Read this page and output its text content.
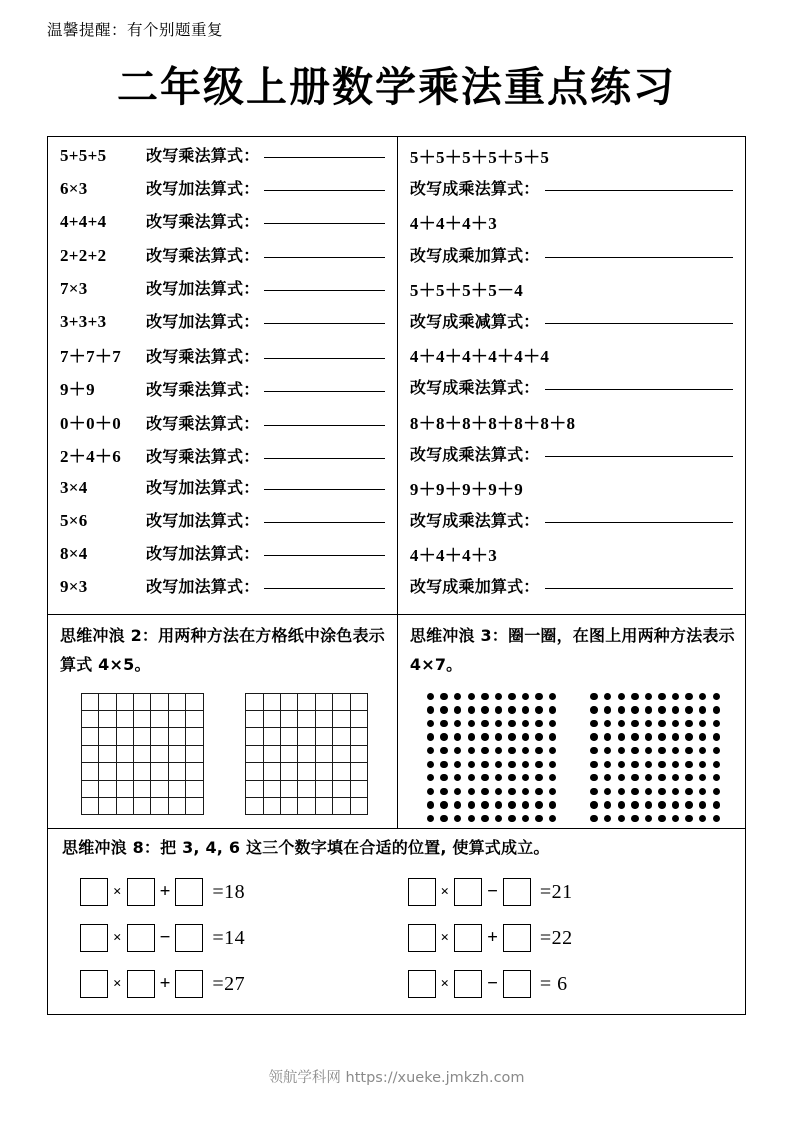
温馨提醒：有个别题重复
二年级上册数学乘法重点练习
5+5+5	改写乘法算式：
6×3	改写加法算式：
4+4+4	改写乘法算式：
2+2+2	改写乘法算式：
7×3	改写加法算式：
3+3+3	改写加法算式：
7＋7＋7	改写乘法算式：
9＋9	改写乘法算式：
0＋0＋0	改写乘法算式：
2＋4＋6	改写乘法算式：
3×4	改写加法算式：
5×6	改写加法算式：
8×4	改写加法算式：
9×3	改写加法算式：
5＋5＋5＋5＋5＋5
改写成乘法算式：
4＋4＋4＋3
改写成乘加算式：
5＋5＋5＋5－4
改写成乘减算式：
4＋4＋4＋4＋4＋4
改写成乘法算式：
8＋8＋8＋8＋8＋8＋8
改写成乘法算式：
9＋9＋9＋9＋9
改写成乘法算式：
4＋4＋4＋3
改写成乘加算式：
思维冲浪 2：用两种方法在方格纸中涂色表示算式 4×5。
思维冲浪 3：圈一圈，在图上用两种方法表示 4×7。
思维冲浪 8：把 3, 4, 6 这三个数字填在合适的位置, 使算式成立。
× +	=18	× −	=21
× −	=14	× +	=22
× +	=27	× −	= 6
领航学科网 https://xueke.jmkzh.com
